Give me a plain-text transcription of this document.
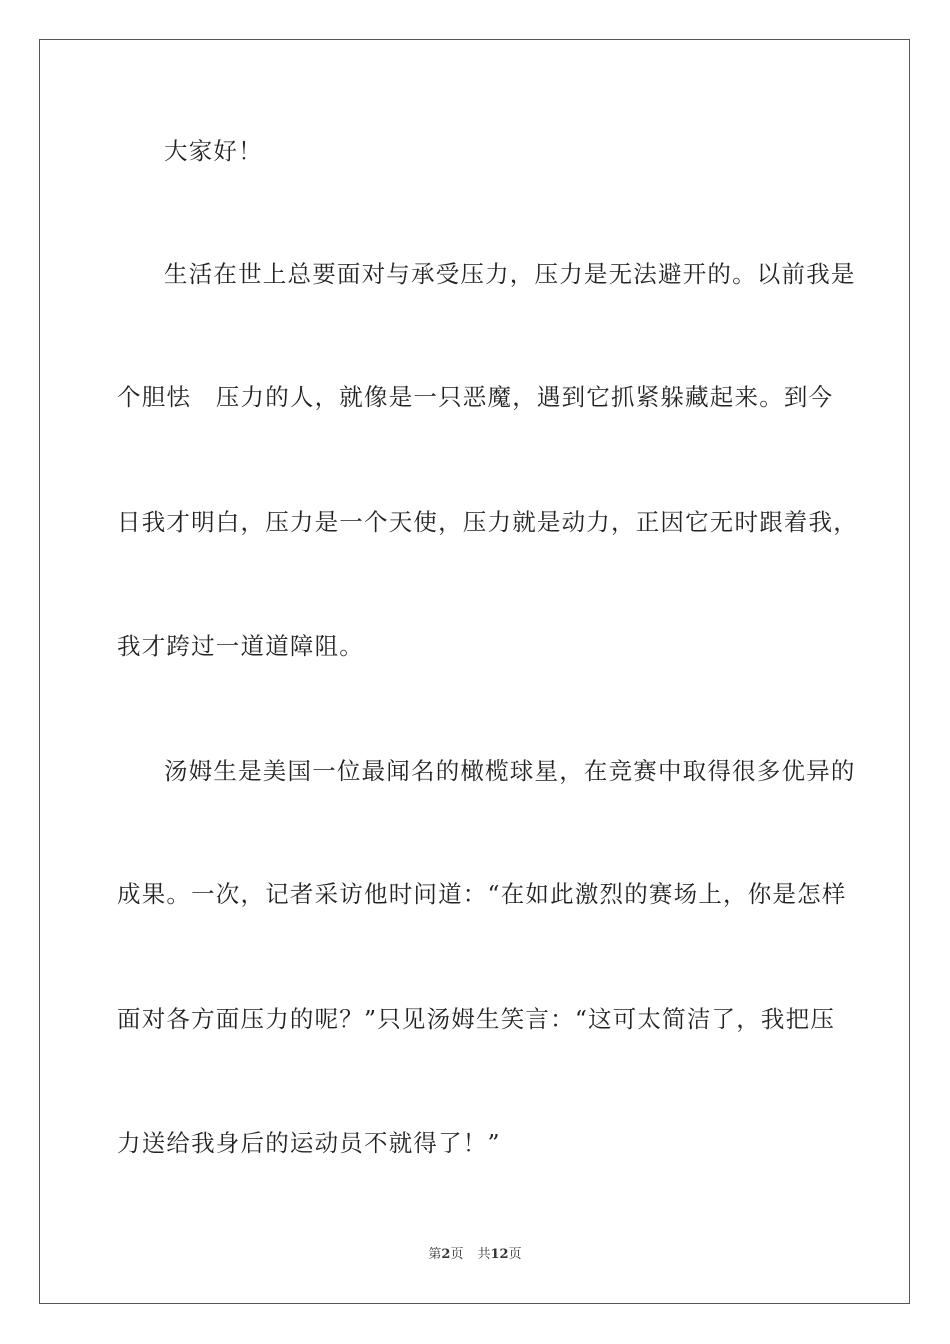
大家好！
生活在世上总要面对与承受压力，压力是无法避开的。以前我是
个胆怯　压力的人，就像是一只恶魔，遇到它抓紧躲藏起来。到今
日我才明白，压力是一个天使，压力就是动力，正因它无时跟着我，
我才跨过一道道障阻。
汤姆生是美国一位最闻名的橄榄球星，在竞赛中取得很多优异的
成果。一次，记者采访他时问道：“在如此激烈的赛场上，你是怎样
面对各方面压力的呢？”只见汤姆生笑言：“这可太简洁了，我把压
力送给我身后的运动员不就得了！”
第2页 共12页
